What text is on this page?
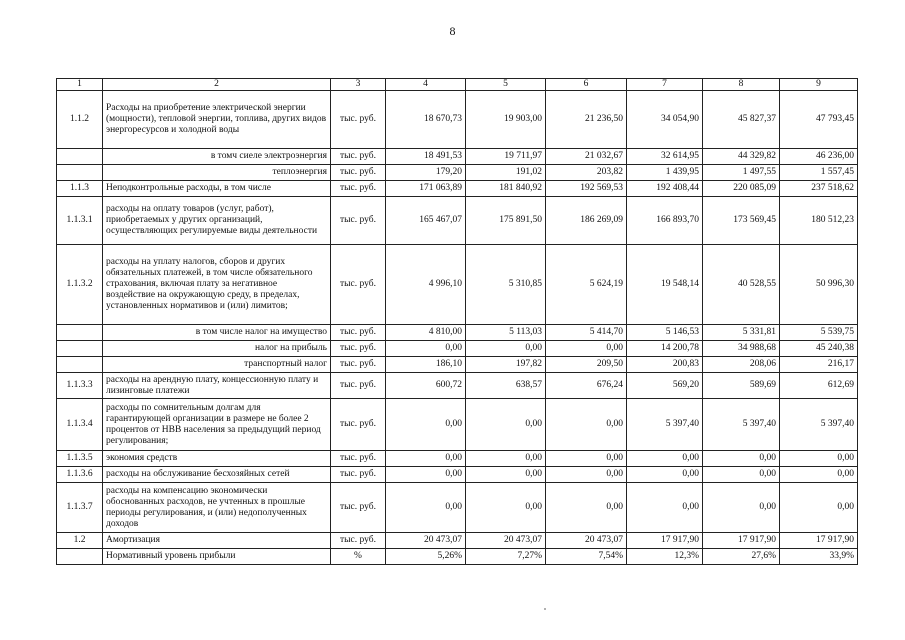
8
1	2	3	4	5	6	7	8	9
1.1.2	Расходы на приобретение электрической энергии (мощности), тепловой энергии, топлива, других видов энергоресурсов и холодной воды	тыс. руб.	18 670,73	19 903,00	21 236,50	34 054,90	45 827,37	47 793,45
	в томч сиеле электроэнергия	тыс. руб.	18 491,53	19 711,97	21 032,67	32 614,95	44 329,82	46 236,00
	теплоэнергия	тыс. руб.	179,20	191,02	203,82	1 439,95	1 497,55	1 557,45
1.1.3	Неподконтрольные расходы, в том числе	тыс. руб.	171 063,89	181 840,92	192 569,53	192 408,44	220 085,09	237 518,62
1.1.3.1	расходы на оплату товаров (услуг, работ), приобретаемых у других организаций, осуществляющих регулируемые виды деятельности	тыс. руб.	165 467,07	175 891,50	186 269,09	166 893,70	173 569,45	180 512,23
1.1.3.2	расходы на уплату налогов, сборов и других обязательных платежей, в том числе обязательного страхования, включая плату за негативное воздействие на окружающую среду, в пределах, установленных нормативов и (или) лимитов;	тыс. руб.	4 996,10	5 310,85	5 624,19	19 548,14	40 528,55	50 996,30
	в том числе налог на имущество	тыс. руб.	4 810,00	5 113,03	5 414,70	5 146,53	5 331,81	5 539,75
	налог на прибыль	тыс. руб.	0,00	0,00	0,00	14 200,78	34 988,68	45 240,38
	транспортный налог	тыс. руб.	186,10	197,82	209,50	200,83	208,06	216,17
1.1.3.3	расходы на арендную плату, концессионную плату и лизинговые платежи	тыс. руб.	600,72	638,57	676,24	569,20	589,69	612,69
1.1.3.4	расходы по сомнительным долгам для гарантирующей организации в размере не более 2 процентов от НВВ населения за предыдущий период регулирования;	тыс. руб.	0,00	0,00	0,00	5 397,40	5 397,40	5 397,40
1.1.3.5	экономия средств	тыс. руб.	0,00	0,00	0,00	0,00	0,00	0,00
1.1.3.6	расходы на обслуживание бесхозяйных сетей	тыс. руб.	0,00	0,00	0,00	0,00	0,00	0,00
1.1.3.7	расходы на компенсацию экономически обоснованных расходов, не учтенных в прошлые периоды регулирования, и (или) недополученных доходов	тыс. руб.	0,00	0,00	0,00	0,00	0,00	0,00
1.2	Амортизация	тыс. руб.	20 473,07	20 473,07	20 473,07	17 917,90	17 917,90	17 917,90
	Нормативный уровень прибыли	%	5,26%	7,27%	7,54%	12,3%	27,6%	33,9%
